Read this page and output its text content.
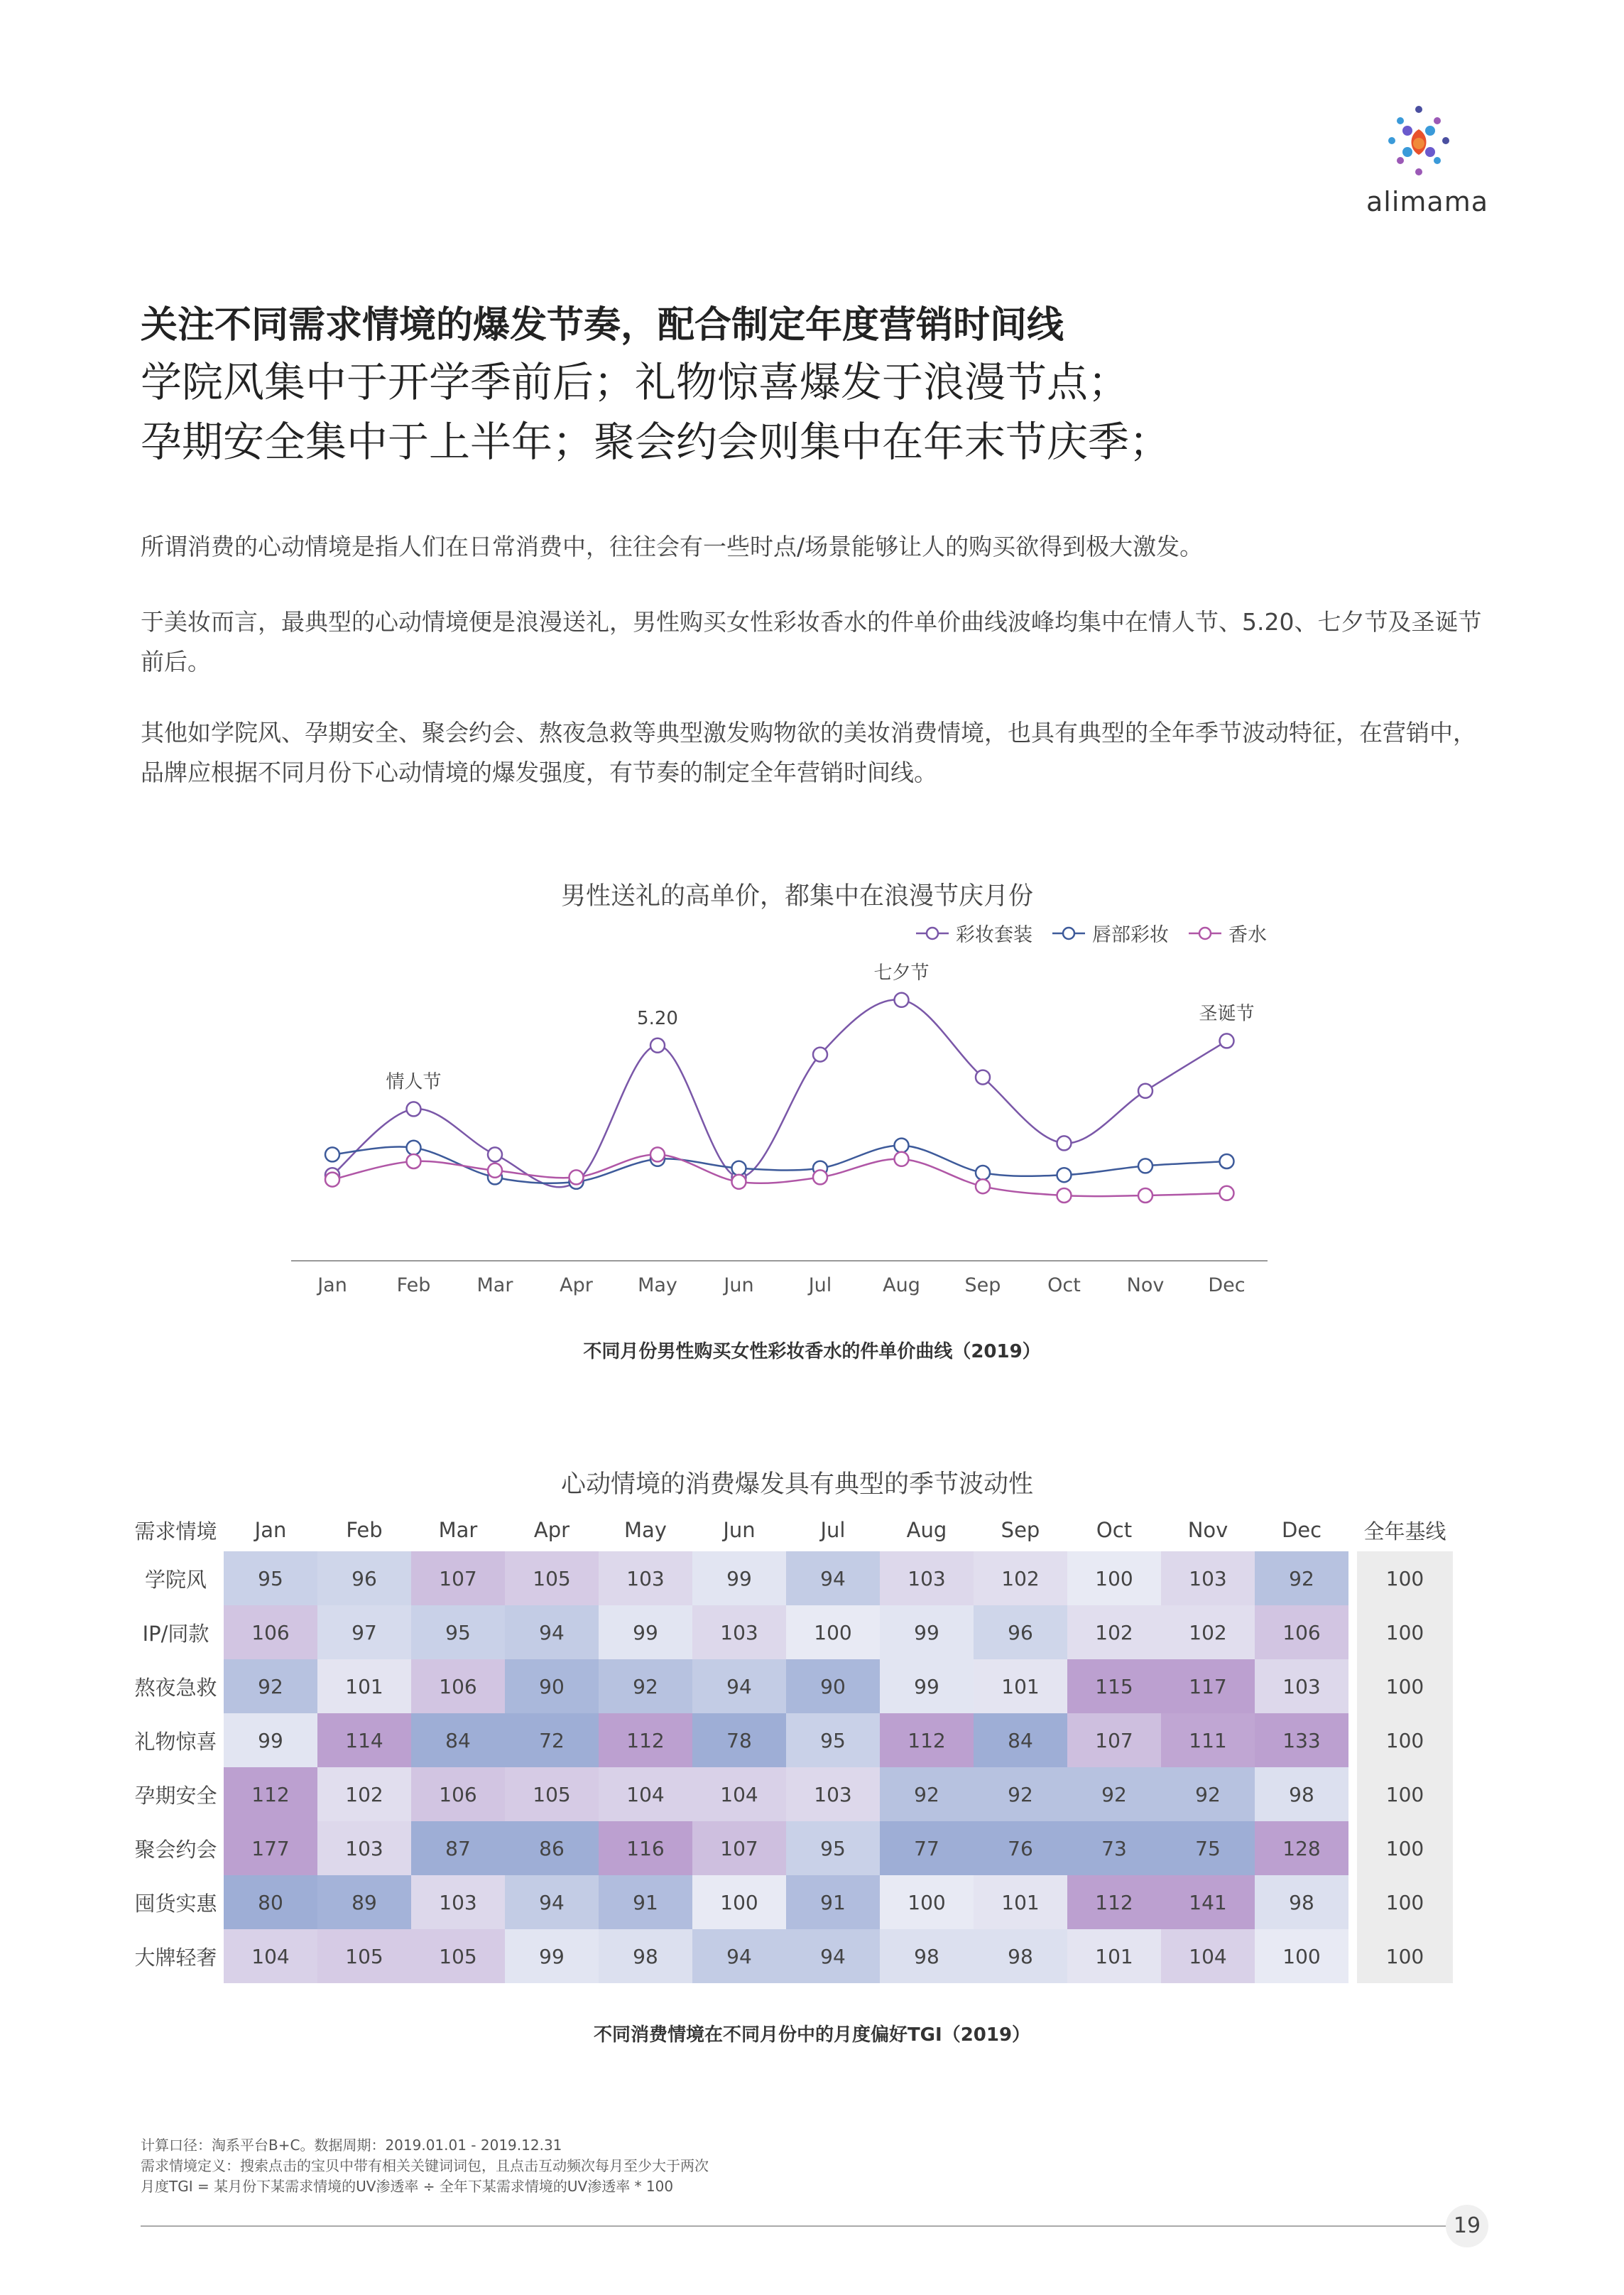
alimama
关注不同需求情境的爆发节奏，配合制定年度营销时间线
学院风集中于开学季前后；礼物惊喜爆发于浪漫节点；
孕期安全集中于上半年；聚会约会则集中在年末节庆季；
所谓消费的心动情境是指人们在日常消费中，往往会有一些时点/场景能够让人的购买欲得到极大激发。
于美妆而言，最典型的心动情境便是浪漫送礼，男性购买女性彩妆香水的件单价曲线波峰均集中在情人节、5.20、七夕节及圣诞节前后。
其他如学院风、孕期安全、聚会约会、熬夜急救等典型激发购物欲的美妆消费情境，也具有典型的全年季节波动特征，在营销中，品牌应根据不同月份下心动情境的爆发强度，有节奏的制定全年营销时间线。
男性送礼的高单价，都集中在浪漫节庆月份
彩妆套装	唇部彩妆	香水
Jan	Feb Mar Apr May Jun	Jul	Aug Sep Oct Nov Dec
情人节
5.20
七夕节
圣诞节
不同月份男性购买女性彩妆香水的件单价曲线（2019）
心动情境的消费爆发具有典型的季节波动性
需求情境	Jan	Feb	Mar	Apr	May	Jun	Jul	Aug	Sep	Oct	Nov	Dec	全年基线
学院风	95	96	107	105	103	99	94	103	102	100	103	92	100
IP/同款	106	97	95	94	99	103	100	99	96	102	102	106	100
熬夜急救	92	101	106	90	92	94	90	99	101	115	117	103	100
礼物惊喜	99	114	84	72	112	78	95	112	84	107	111	133	100
孕期安全	112	102	106	105	104	104	103	92	92	92	92	98	100
聚会约会	177	103	87	86	116	107	95	77	76	73	75	128	100
囤货实惠	80	89	103	94	91	100	91	100	101	112	141	98	100
大牌轻奢	104	105	105	99	98	94	94	98	98	101	104	100	100
不同消费情境在不同月份中的月度偏好TGI（2019）
计算口径：淘系平台B+C。数据周期：2019.01.01 - 2019.12.31
需求情境定义：搜索点击的宝贝中带有相关关键词词包，且点击互动频次每月至少大于两次
月度TGI = 某月份下某需求情境的UV渗透率 ÷ 全年下某需求情境的UV渗透率 * 100
19
